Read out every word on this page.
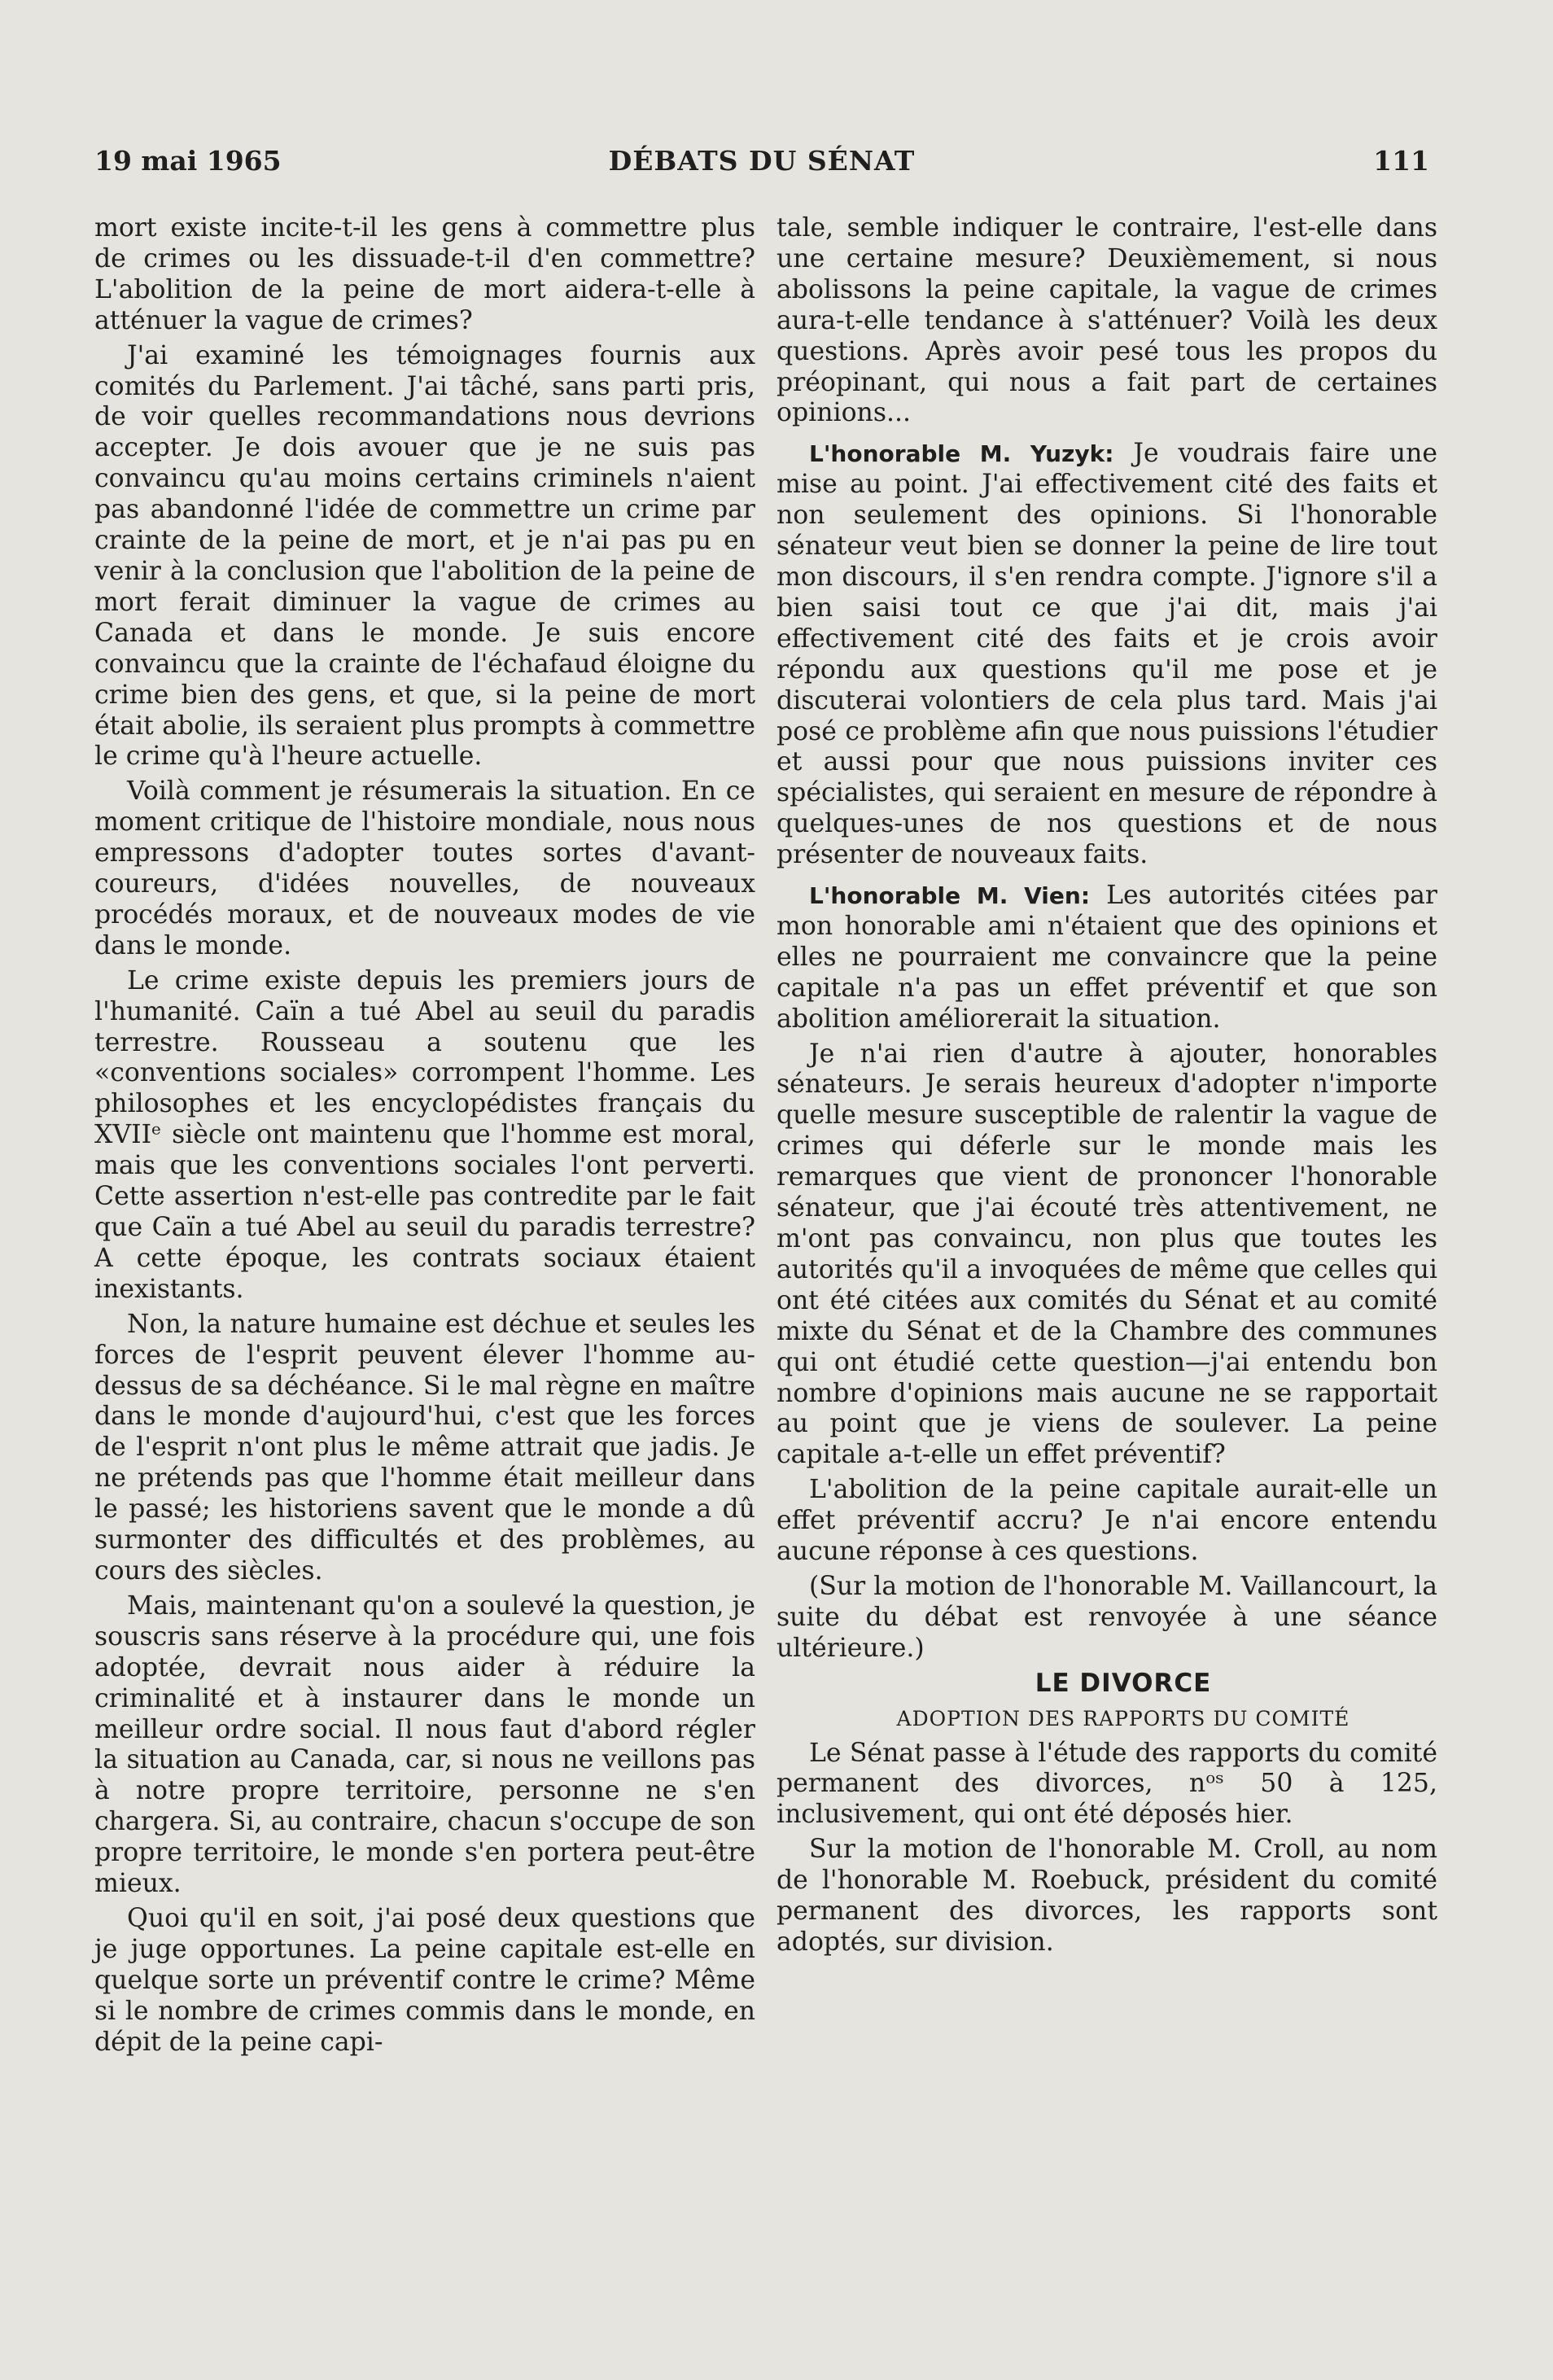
19 mai 1965	DÉBATS DU SÉNAT	111

mort existe incite-t-il les gens à commettre plus de crimes ou les dissuade-t-il d'en commettre? L'abolition de la peine de mort aidera-t-elle à atténuer la vague de crimes?

J'ai examiné les témoignages fournis aux comités du Parlement. J'ai tâché, sans parti pris, de voir quelles recommandations nous devrions accepter. Je dois avouer que je ne suis pas convaincu qu'au moins certains criminels n'aient pas abandonné l'idée de commettre un crime par crainte de la peine de mort, et je n'ai pas pu en venir à la conclusion que l'abolition de la peine de mort ferait diminuer la vague de crimes au Canada et dans le monde. Je suis encore convaincu que la crainte de l'échafaud éloigne du crime bien des gens, et que, si la peine de mort était abolie, ils seraient plus prompts à commettre le crime qu'à l'heure actuelle.

Voilà comment je résumerais la situation. En ce moment critique de l'histoire mondiale, nous nous empressons d'adopter toutes sortes d'avant-coureurs, d'idées nouvelles, de nouveaux procédés moraux, et de nouveaux modes de vie dans le monde.

Le crime existe depuis les premiers jours de l'humanité. Caïn a tué Abel au seuil du paradis terrestre. Rousseau a soutenu que les «conventions sociales» corrompent l'homme. Les philosophes et les encyclopédistes français du XVIIᵉ siècle ont maintenu que l'homme est moral, mais que les conventions sociales l'ont perverti. Cette assertion n'est-elle pas contredite par le fait que Caïn a tué Abel au seuil du paradis terrestre? A cette époque, les contrats sociaux étaient inexistants.

Non, la nature humaine est déchue et seules les forces de l'esprit peuvent élever l'homme au-dessus de sa déchéance. Si le mal règne en maître dans le monde d'aujourd'hui, c'est que les forces de l'esprit n'ont plus le même attrait que jadis. Je ne prétends pas que l'homme était meilleur dans le passé; les historiens savent que le monde a dû surmonter des difficultés et des problèmes, au cours des siècles.

Mais, maintenant qu'on a soulevé la question, je souscris sans réserve à la procédure qui, une fois adoptée, devrait nous aider à réduire la criminalité et à instaurer dans le monde un meilleur ordre social. Il nous faut d'abord régler la situation au Canada, car, si nous ne veillons pas à notre propre territoire, personne ne s'en chargera. Si, au contraire, chacun s'occupe de son propre territoire, le monde s'en portera peut-être mieux.

Quoi qu'il en soit, j'ai posé deux questions que je juge opportunes. La peine capitale est-elle en quelque sorte un préventif contre le crime? Même si le nombre de crimes commis dans le monde, en dépit de la peine capi-

tale, semble indiquer le contraire, l'est-elle dans une certaine mesure? Deuxièmement, si nous abolissons la peine capitale, la vague de crimes aura-t-elle tendance à s'atténuer? Voilà les deux questions. Après avoir pesé tous les propos du préopinant, qui nous a fait part de certaines opinions...

L'honorable M. Yuzyk: Je voudrais faire une mise au point. J'ai effectivement cité des faits et non seulement des opinions. Si l'honorable sénateur veut bien se donner la peine de lire tout mon discours, il s'en rendra compte. J'ignore s'il a bien saisi tout ce que j'ai dit, mais j'ai effectivement cité des faits et je crois avoir répondu aux questions qu'il me pose et je discuterai volontiers de cela plus tard. Mais j'ai posé ce problème afin que nous puissions l'étudier et aussi pour que nous puissions inviter ces spécialistes, qui seraient en mesure de répondre à quelques-unes de nos questions et de nous présenter de nouveaux faits.

L'honorable M. Vien: Les autorités citées par mon honorable ami n'étaient que des opinions et elles ne pourraient me convaincre que la peine capitale n'a pas un effet préventif et que son abolition améliorerait la situation.

Je n'ai rien d'autre à ajouter, honorables sénateurs. Je serais heureux d'adopter n'importe quelle mesure susceptible de ralentir la vague de crimes qui déferle sur le monde mais les remarques que vient de prononcer l'honorable sénateur, que j'ai écouté très attentivement, ne m'ont pas convaincu, non plus que toutes les autorités qu'il a invoquées de même que celles qui ont été citées aux comités du Sénat et au comité mixte du Sénat et de la Chambre des communes qui ont étudié cette question—j'ai entendu bon nombre d'opinions mais aucune ne se rapportait au point que je viens de soulever. La peine capitale a-t-elle un effet préventif?

L'abolition de la peine capitale aurait-elle un effet préventif accru? Je n'ai encore entendu aucune réponse à ces questions.

(Sur la motion de l'honorable M. Vaillancourt, la suite du débat est renvoyée à une séance ultérieure.)

LE DIVORCE

ADOPTION DES RAPPORTS DU COMITÉ

Le Sénat passe à l'étude des rapports du comité permanent des divorces, nᵒˢ 50 à 125, inclusivement, qui ont été déposés hier.

Sur la motion de l'honorable M. Croll, au nom de l'honorable M. Roebuck, président du comité permanent des divorces, les rapports sont adoptés, sur division.
